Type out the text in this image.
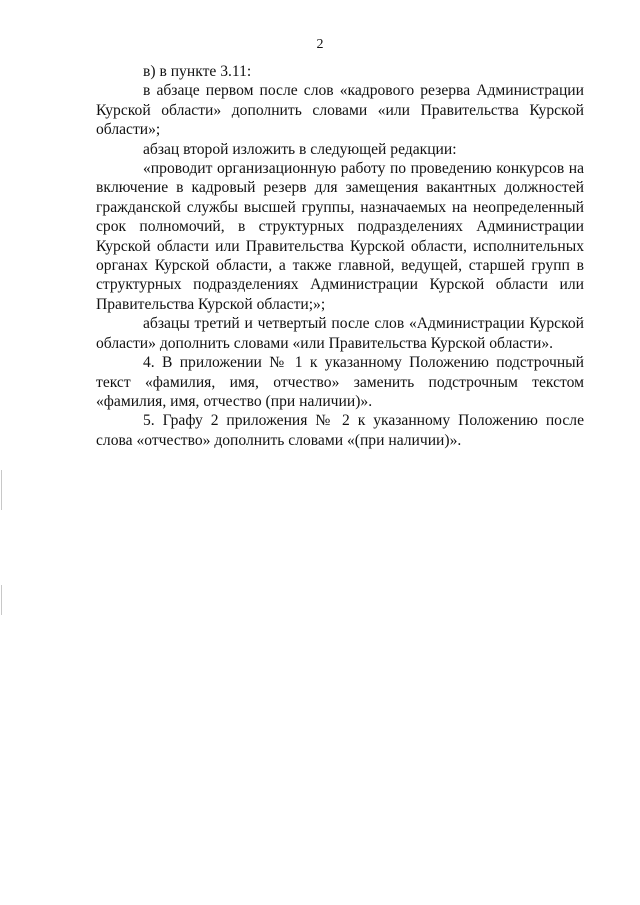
2

в) в пункте 3.11:

в абзаце первом после слов «кадрового резерва Администрации Курской области» дополнить словами «или Правительства Курской области»;

абзац второй изложить в следующей редакции:

«проводит организационную работу по проведению конкурсов на включение в кадровый резерв для замещения вакантных должностей гражданской службы высшей группы, назначаемых на неопределенный срок полномочий, в структурных подразделениях Администрации Курской области или Правительства Курской области, исполнительных органах Курской области, а также главной, ведущей, старшей групп в структурных подразделениях Администрации Курской области или Правительства Курской области;»;

абзацы третий и четвертый после слов «Администрации Курской области» дополнить словами «или Правительства Курской области».

4. В приложении № 1 к указанному Положению подстрочный текст «фамилия, имя, отчество» заменить подстрочным текстом «фамилия, имя, отчество (при наличии)».

5. Графу 2 приложения № 2 к указанному Положению после слова «отчество» дополнить словами «(при наличии)».
